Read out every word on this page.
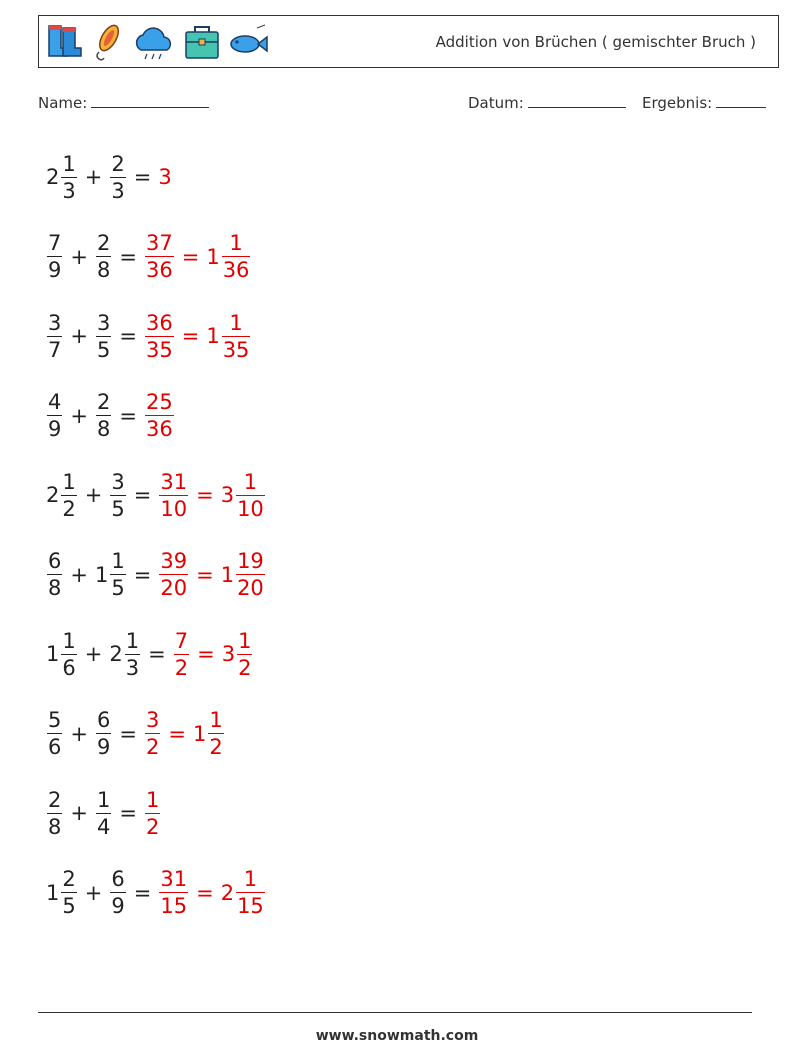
Addition von Brüchen ( gemischter Bruch )
Name:	Datum:	Ergebnis:
$2 \frac{1}{3} + \frac{2}{3} = 3$
$\frac{7}{9} + \frac{2}{8} = \frac{37}{36} = 1 \frac{1}{36}$
$\frac{3}{7} + \frac{3}{5} = \frac{36}{35} = 1 \frac{1}{35}$
$\frac{4}{9} + \frac{2}{8} = \frac{25}{36}$
$2 \frac{1}{2} + \frac{3}{5} = \frac{31}{10} = 3 \frac{1}{10}$
$\frac{6}{8} + 1 \frac{1}{5} = \frac{39}{20} = 1 \frac{19}{20}$
$1 \frac{1}{6} + 2 \frac{1}{3} = \frac{7}{2} = 3 \frac{1}{2}$
$\frac{5}{6} + \frac{6}{9} = \frac{3}{2} = 1 \frac{1}{2}$
$\frac{2}{8} + \frac{1}{4} = \frac{1}{2}$
$1 \frac{2}{5} + \frac{6}{9} = \frac{31}{15} = 2 \frac{1}{15}$
www.snowmath.com
